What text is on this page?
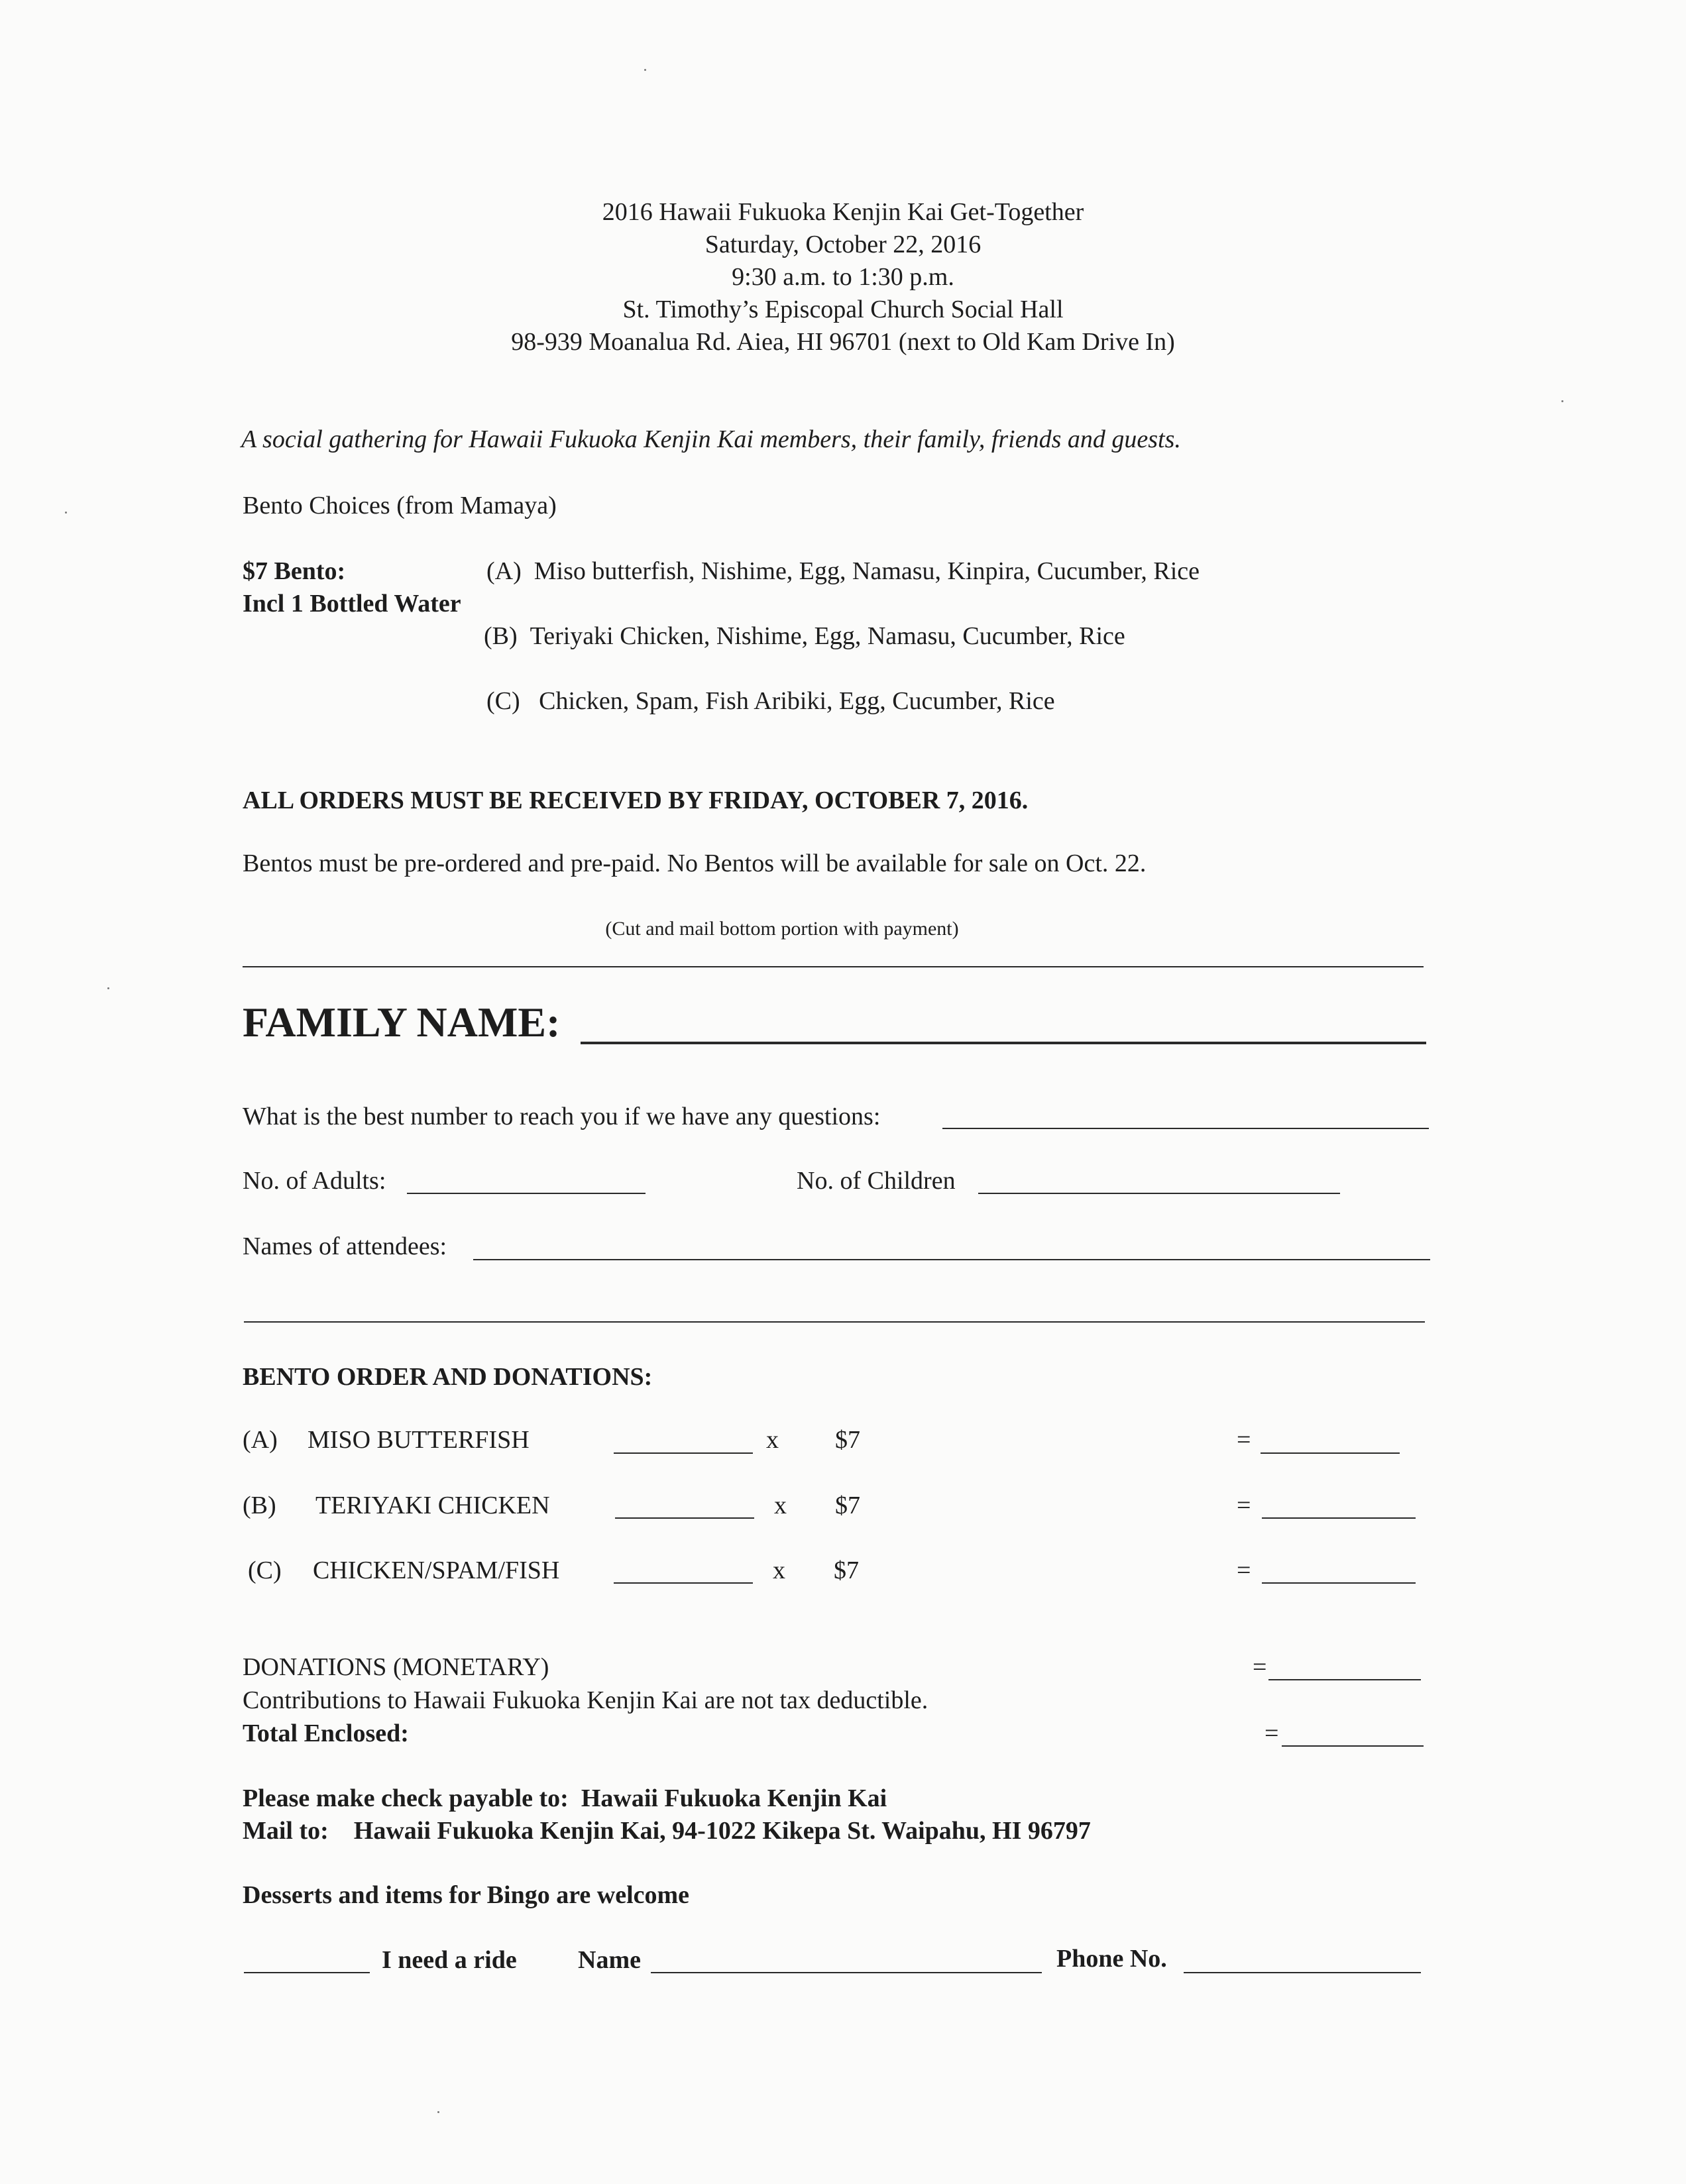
2016 Hawaii Fukuoka Kenjin Kai Get-Together
Saturday, October 22, 2016
9:30 a.m. to 1:30 p.m.
St. Timothy’s Episcopal Church Social Hall
98-939 Moanalua Rd. Aiea, HI 96701 (next to Old Kam Drive In)
A social gathering for Hawaii Fukuoka Kenjin Kai members, their family, friends and guests.
Bento Choices (from Mamaya)
$7 Bento:
Incl 1 Bottled Water
(A) Miso butterfish, Nishime, Egg, Namasu, Kinpira, Cucumber, Rice
(B) Teriyaki Chicken, Nishime, Egg, Namasu, Cucumber, Rice
(C) Chicken, Spam, Fish Aribiki, Egg, Cucumber, Rice
ALL ORDERS MUST BE RECEIVED BY FRIDAY, OCTOBER 7, 2016.
Bentos must be pre-ordered and pre-paid. No Bentos will be available for sale on Oct. 22.
(Cut and mail bottom portion with payment)
FAMILY NAME:
What is the best number to reach you if we have any questions:
No. of Adults:	No. of Children
Names of attendees:
BENTO ORDER AND DONATIONS:
(A) MISO BUTTERFISH	x $7	=
(B) TERIYAKI CHICKEN	x $7	=
(C) CHICKEN/SPAM/FISH	x $7	=
DONATIONS (MONETARY)	=
Contributions to Hawaii Fukuoka Kenjin Kai are not tax deductible.
Total Enclosed:	=
Please make check payable to: Hawaii Fukuoka Kenjin Kai
Mail to: Hawaii Fukuoka Kenjin Kai, 94-1022 Kikepa St. Waipahu, HI 96797
Desserts and items for Bingo are welcome
I need a ride Name	Phone No.
